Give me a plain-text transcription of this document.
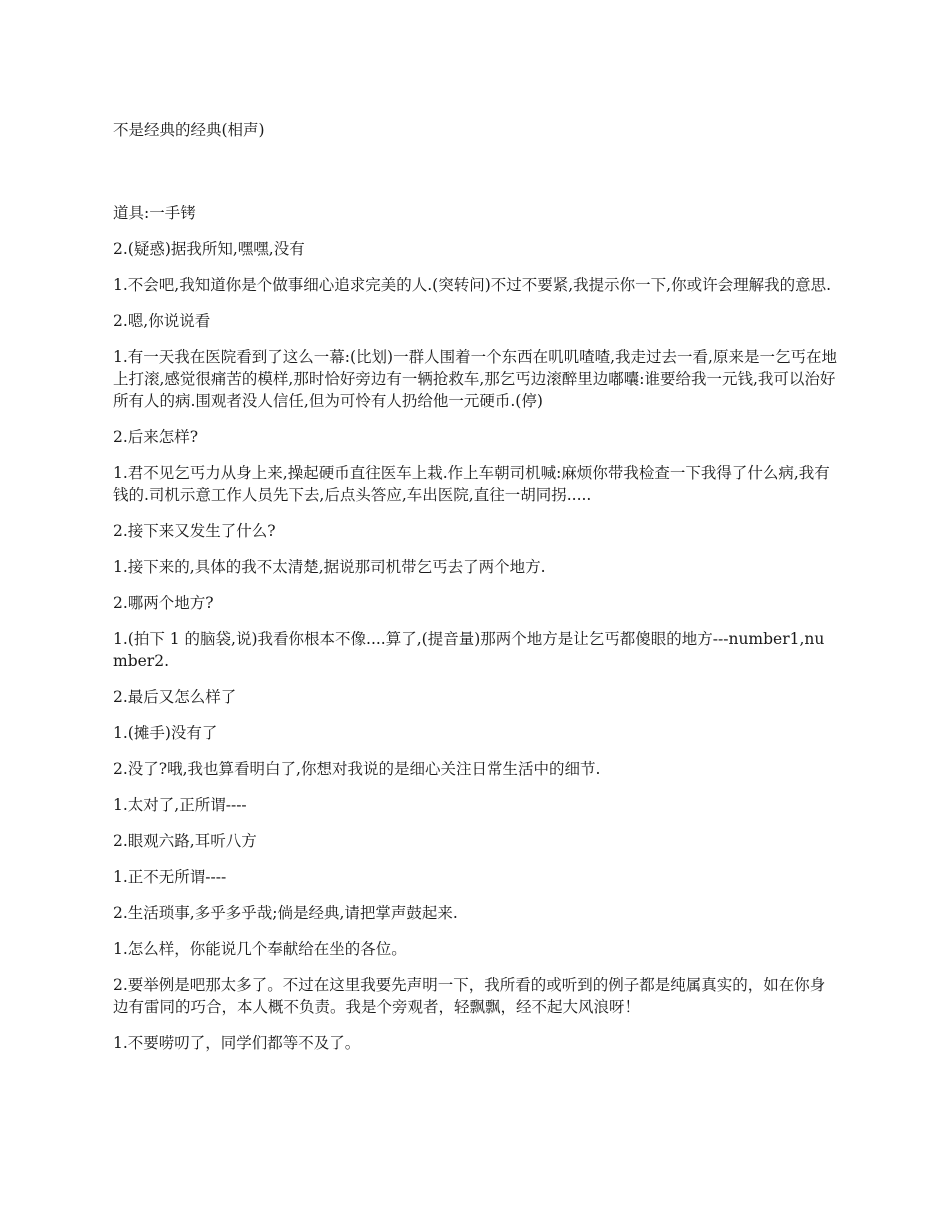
不是经典的经典(相声)

道具:一手铐

2.(疑惑)据我所知,嘿嘿,没有

1.不会吧,我知道你是个做事细心追求完美的人.(突转问)不过不要紧,我提示你一下,你或许会理解我的意思.

2.嗯,你说说看

1.有一天我在医院看到了这么一幕:(比划)一群人围着一个东西在叽叽喳喳,我走过去一看,原来是一乞丐在地上打滚,感觉很痛苦的模样,那时恰好旁边有一辆抢救车,那乞丐边滚醉里边嘟囔:谁要给我一元钱,我可以治好所有人的病.围观者没人信任,但为可怜有人扔给他一元硬币.(停)

2.后来怎样?

1.君不见乞丐力从身上来,操起硬币直往医车上栽.作上车朝司机喊:麻烦你带我检查一下我得了什么病,我有钱的.司机示意工作人员先下去,后点头答应,车出医院,直往一胡同拐.....

2.接下来又发生了什么?

1.接下来的,具体的我不太清楚,据说那司机带乞丐去了两个地方.

2.哪两个地方?

1.(拍下 1 的脑袋,说)我看你根本不像....算了,(提音量)那两个地方是让乞丐都傻眼的地方---number1,number2.

2.最后又怎么样了

1.(摊手)没有了

2.没了?哦,我也算看明白了,你想对我说的是细心关注日常生活中的细节.

1.太对了,正所谓----

2.眼观六路,耳听八方

1.正不无所谓----

2.生活琐事,多乎多乎哉;倘是经典,请把掌声鼓起来.

1.怎么样，你能说几个奉献给在坐的各位。

2.要举例是吧那太多了。不过在这里我要先声明一下，我所看的或听到的例子都是纯属真实的，如在你身边有雷同的巧合，本人概不负责。我是个旁观者，轻飘飘，经不起大风浪呀！

1.不要唠叨了，同学们都等不及了。
